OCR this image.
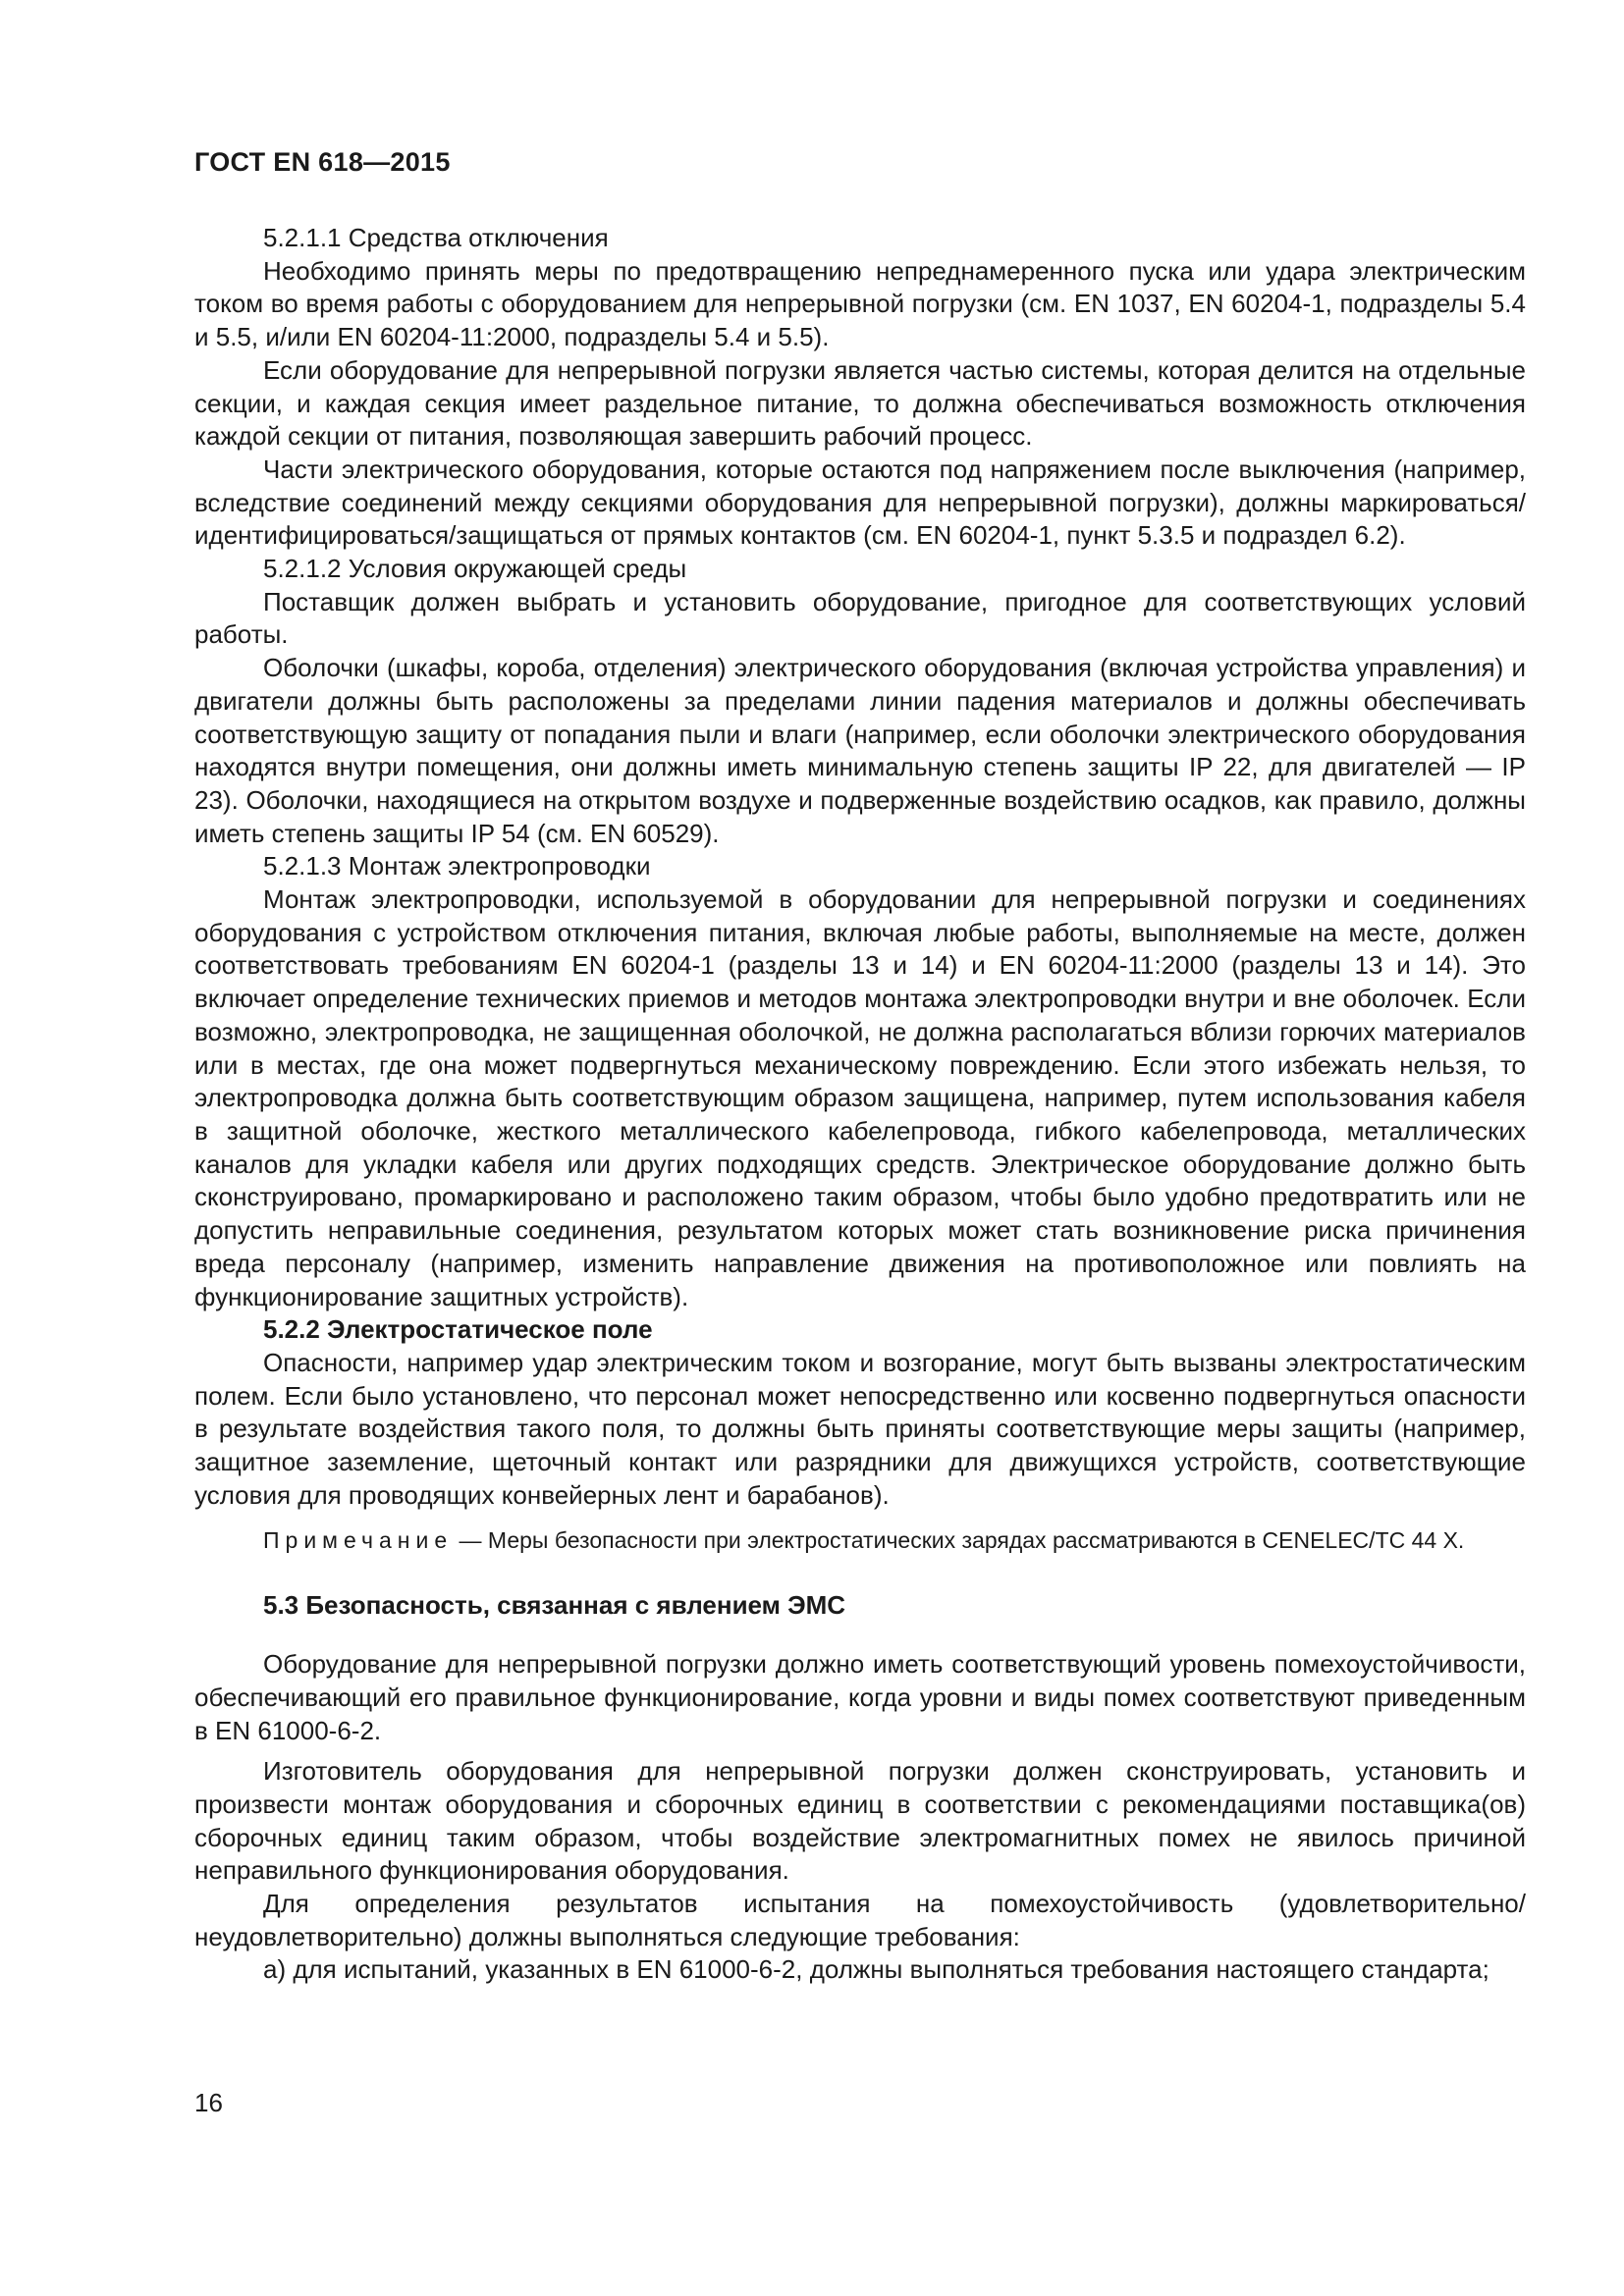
ГОСТ EN 618—2015

5.2.1.1 Средства отключения

Необходимо принять меры по предотвращению непреднамеренного пуска или удара электрическим током во время работы с оборудованием для непрерывной погрузки (см. EN 1037, EN 60204-1, подразделы 5.4 и 5.5, и/или EN 60204-11:2000, подразделы 5.4 и 5.5).

Если оборудование для непрерывной погрузки является частью системы, которая делится на отдельные секции, и каждая секция имеет раздельное питание, то должна обеспечиваться возможность отключения каждой секции от питания, позволяющая завершить рабочий процесс.

Части электрического оборудования, которые остаются под напряжением после выключения (например, вследствие соединений между секциями оборудования для непрерывной погрузки), должны маркироваться/идентифицироваться/защищаться от прямых контактов (см. EN 60204-1, пункт 5.3.5 и подраздел 6.2).

5.2.1.2 Условия окружающей среды

Поставщик должен выбрать и установить оборудование, пригодное для соответствующих условий работы.

Оболочки (шкафы, короба, отделения) электрического оборудования (включая устройства управления) и двигатели должны быть расположены за пределами линии падения материалов и должны обеспечивать соответствующую защиту от попадания пыли и влаги (например, если оболочки электрического оборудования находятся внутри помещения, они должны иметь минимальную степень защиты IP 22, для двигателей — IP 23). Оболочки, находящиеся на открытом воздухе и подверженные воздействию осадков, как правило, должны иметь степень защиты IP 54 (см. EN 60529).

5.2.1.3 Монтаж электропроводки

Монтаж электропроводки, используемой в оборудовании для непрерывной погрузки и соединениях оборудования с устройством отключения питания, включая любые работы, выполняемые на месте, должен соответствовать требованиям EN 60204-1 (разделы 13 и 14) и EN 60204-11:2000 (разделы 13 и 14). Это включает определение технических приемов и методов монтажа электропроводки внутри и вне оболочек. Если возможно, электропроводка, не защищенная оболочкой, не должна располагаться вблизи горючих материалов или в местах, где она может подвергнуться механическому повреждению. Если этого избежать нельзя, то электропроводка должна быть соответствующим образом защищена, например, путем использования кабеля в защитной оболочке, жесткого металлического кабелепровода, гибкого кабелепровода, металлических каналов для укладки кабеля или других подходящих средств. Электрическое оборудование должно быть сконструировано, промаркировано и расположено таким образом, чтобы было удобно предотвратить или не допустить неправильные соединения, результатом которых может стать возникновение риска причинения вреда персоналу (например, изменить направление движения на противоположное или повлиять на функционирование защитных устройств).

5.2.2 Электростатическое поле

Опасности, например удар электрическим током и возгорание, могут быть вызваны электростатическим полем. Если было установлено, что персонал может непосредственно или косвенно подвергнуться опасности в результате воздействия такого поля, то должны быть приняты соответствующие меры защиты (например, защитное заземление, щеточный контакт или разрядники для движущихся устройств, соответствующие условия для проводящих конвейерных лент и барабанов).

Примечание — Меры безопасности при электростатических зарядах рассматриваются в CENELEC/TC 44 X.

5.3 Безопасность, связанная с явлением ЭМС

Оборудование для непрерывной погрузки должно иметь соответствующий уровень помехоустойчивости, обеспечивающий его правильное функционирование, когда уровни и виды помех соответствуют приведенным в EN 61000-6-2.

Изготовитель оборудования для непрерывной погрузки должен сконструировать, установить и произвести монтаж оборудования и сборочных единиц в соответствии с рекомендациями поставщика(ов) сборочных единиц таким образом, чтобы воздействие электромагнитных помех не явилось причиной неправильного функционирования оборудования.

Для определения результатов испытания на помехоустойчивость (удовлетворительно/неудовлетворительно) должны выполняться следующие требования:

а) для испытаний, указанных в EN 61000-6-2, должны выполняться требования настоящего стандарта;

16
